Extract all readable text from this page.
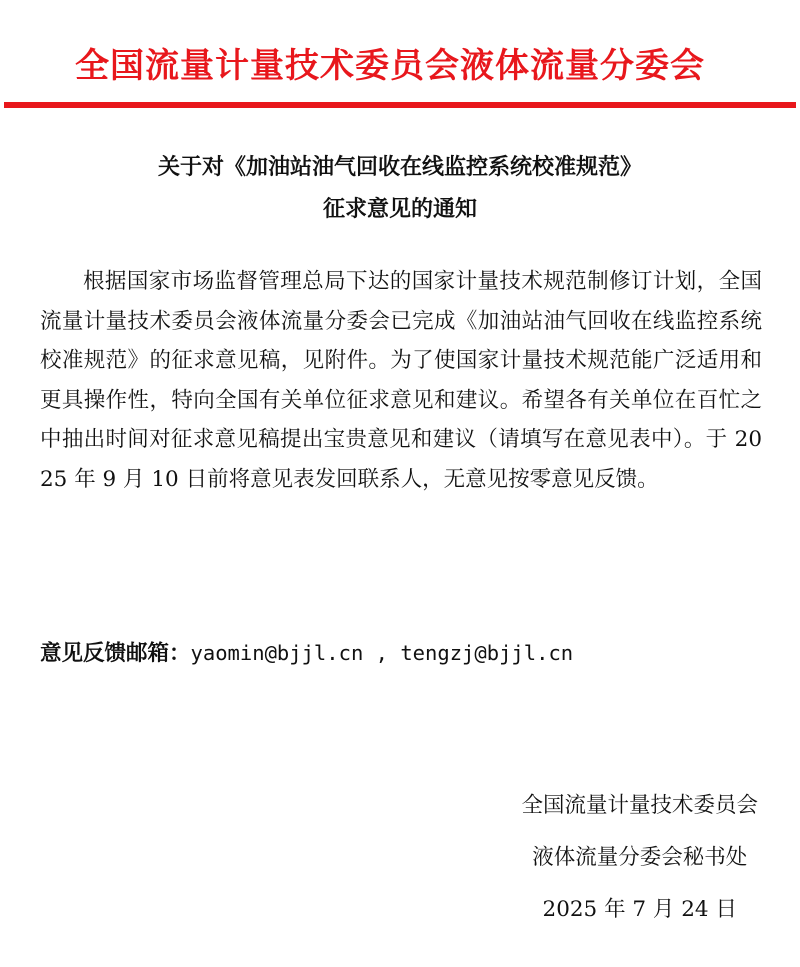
全国流量计量技术委员会液体流量分委会
关于对《加油站油气回收在线监控系统校准规范》
征求意见的通知

根据国家市场监督管理总局下达的国家计量技术规范制修订计划，全国流量计量技术委员会液体流量分委会已完成《加油站油气回收在线监控系统校准规范》的征求意见稿，见附件。为了使国家计量技术规范能广泛适用和更具操作性，特向全国有关单位征求意见和建议。希望各有关单位在百忙之中抽出时间对征求意见稿提出宝贵意见和建议（请填写在意见表中）。于 2025 年 9 月 10 日前将意见表发回联系人，无意见按零意见反馈。

意见反馈邮箱：yaomin@bjjl.cn , tengzj@bjjl.cn
全国流量计量技术委员会
液体流量分委会秘书处
2025 年 7 月 24 日
